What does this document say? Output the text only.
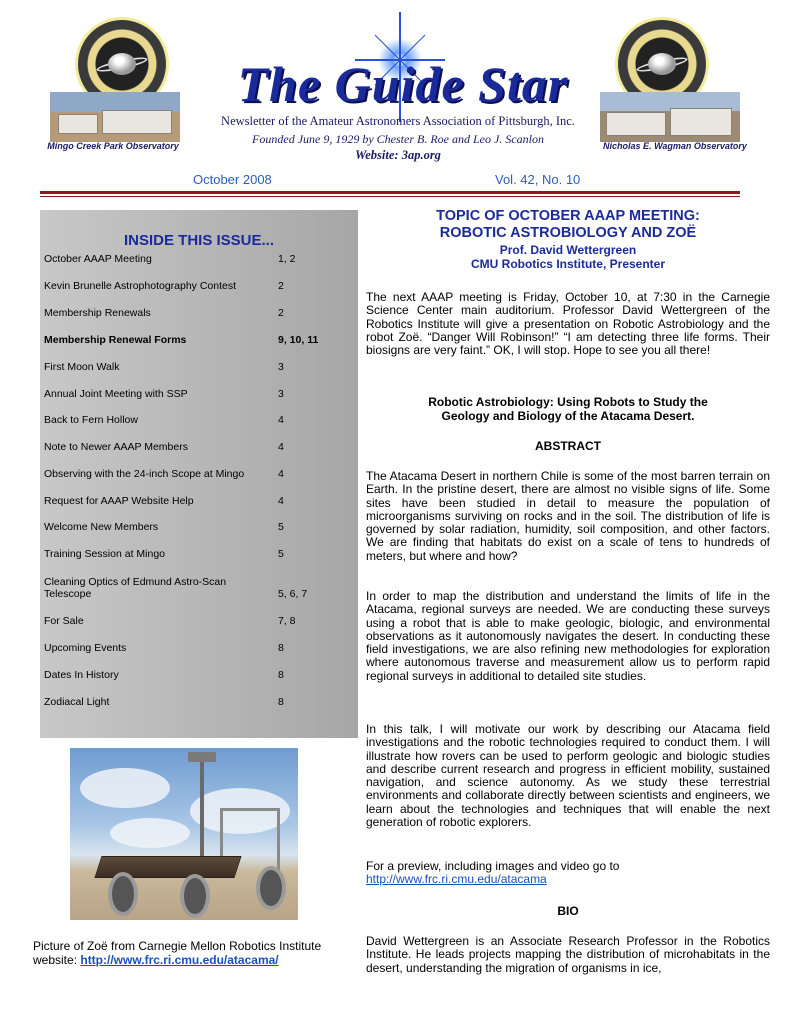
Mingo Creek Park Observatory	Nicholas E. Wagman Observatory
The Guide Star
Newsletter of the Amateur Astronomers Association of Pittsburgh, Inc.
Founded June 9, 1929 by Chester B. Roe and Leo J. Scanlon
Website: 3ap.org
October 2008	Vol. 42, No. 10
INSIDE THIS ISSUE...
October AAAP Meeting	1, 2
Kevin Brunelle Astrophotography Contest	2
Membership Renewals	2
Membership Renewal Forms	9, 10, 11
First Moon Walk	3
Annual Joint Meeting with SSP	3
Back to Fern Hollow	4
Note to Newer AAAP Members	4
Observing with the 24-inch Scope at Mingo	4
Request for AAAP Website Help	4
Welcome New Members	5
Training Session at Mingo	5
Cleaning Optics of Edmund Astro-Scan
Telescope	5, 6, 7
For Sale	7, 8
Upcoming Events	8
Dates In History	8
Zodiacal Light	8
Picture of Zoë from Carnegie Mellon Robotics Institute website: http://www.frc.ri.cmu.edu/atacama/
TOPIC OF OCTOBER AAAP MEETING:
ROBOTIC ASTROBIOLOGY AND ZOË
Prof. David Wettergreen
CMU Robotics Institute, Presenter
The next AAAP meeting is Friday, October 10, at 7:30 in the Carnegie Science Center main auditorium. Professor David Wettergreen of the Robotics Institute will give a presentation on Robotic Astrobiology and the robot Zoë. “Danger Will Robinson!” “I am detecting three life forms. Their biosigns are very faint.” OK, I will stop. Hope to see you all there!
Robotic Astrobiology: Using Robots to Study the
Geology and Biology of the Atacama Desert.
ABSTRACT
The Atacama Desert in northern Chile is some of the most barren terrain on Earth. In the pristine desert, there are almost no visible signs of life. Some sites have been studied in detail to measure the population of microorganisms surviving on rocks and in the soil. The distribution of life is governed by solar radiation, humidity, soil composition, and other factors. We are finding that habitats do exist on a scale of tens to hundreds of meters, but where and how?
In order to map the distribution and understand the limits of life in the Atacama, regional surveys are needed. We are conducting these surveys using a robot that is able to make geologic, biologic, and environmental observations as it autonomously navigates the desert. In conducting these field investigations, we are also refining new methodologies for exploration where autonomous traverse and measurement allow us to perform rapid regional surveys in additional to detailed site studies.
In this talk, I will motivate our work by describing our Atacama field investigations and the robotic technologies required to conduct them. I will illustrate how rovers can be used to perform geologic and biologic studies and describe current research and progress in efficient mobility, sustained navigation, and science autonomy. As we study these terrestrial environments and collaborate directly between scientists and engineers, we learn about the technologies and techniques that will enable the next generation of robotic explorers.
For a preview, including images and video go to
http://www.frc.ri.cmu.edu/atacama
BIO
David Wettergreen is an Associate Research Professor in the Robotics Institute. He leads projects mapping the distribution of microhabitats in the desert, understanding the migration of organisms in ice,
